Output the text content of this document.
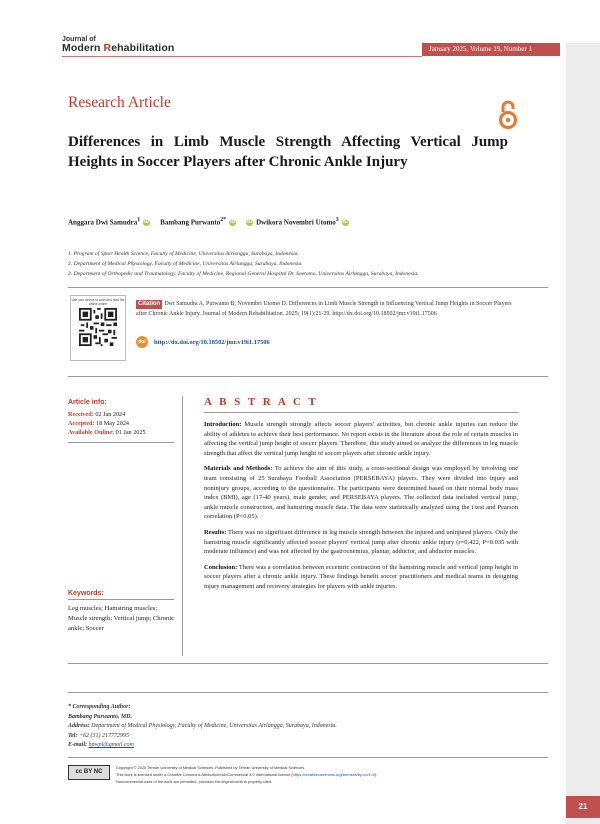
Journal of
Modern Rehabilitation	January 2025, Volume 19, Number 1
Research Article
Differences in Limb Muscle Strength Affecting Vertical Jump Heights in Soccer Players after Chronic Ankle Injury
Anggara Dwi Samudra$^1$ iD Bambang Purwanto$^{2*}$ iD iD Dwikora Novembri Utomo$^3$ iD
1. Program of Sport Health Science, Faculty of Medicine, Universitas Airlangga, Surabaya, Indonesia.
2. Department of Medical Physiology, Faculty of Medicine, Universitas Airlangga, Surabaya, Indonesia.
3. Department of Orthopedic and Traumatology, Faculty of Medicine, Regional General Hospital Dr. Soetomo, Universitas Airlangga, Surabaya, Indonesia.
Use your device to scan and read the article online	Citation Dwi Samudra A, Purwanto B, Novembri Utomo D. Differences in Limb Muscle Strength in Influencing Vertical Jump Heights in Soccer Players after Chronic Ankle Injury. Journal of Modern Rehabilitation. 2025; 19(1):21-29. http://dx.doi.org/10.18502/jmr.v19i1.17506
doi	http://dx.doi.org/10.18502/jmr.v19i1.17506
Article info:
Received: 02 Jan 2024
Accepted: 18 May 2024
Available Online: 01 Jan 2025
Keywords:
Leg muscles; Hamstring muscles; Muscle strength; Vertical jump; Chronic ankle; Soccer
A B S T R A C T

Introduction: Muscle strength strongly affects soccer players' activities, but chronic ankle injuries can reduce the ability of athletes to achieve their best performance. No report exists in the literature about the role of certain muscles in affecting the vertical jump height of soccer players. Therefore, this study aimed to analyze the differences in leg muscle strength that affect the vertical jump height of soccer players after chronic ankle injury.

Materials and Methods: To achieve the aim of this study, a cross-sectional design was employed by involving one team consisting of 25 Surabaya Football Association (PERSEBAYA) players. They were divided into injury and noninjury groups, according to the questionnaire. The participants were determined based on their normal body mass index (BMI), age (17-40 years), male gender, and PERSEBAYA players. The collected data included vertical jump, ankle muscle construction, and hamstring muscle data. The data were statistically analyzed using the t test and Pearson correlation (P<0.05).

Results: There was no significant difference in leg muscle strength between the injured and uninjured players. Only the hamstring muscle significantly affected soccer players' vertical jump after chronic ankle injury (r=0.422, P=0.035 with moderate influence) and was not affected by the gastrocnemius, plantar, adductor, and abductor muscles.

Conclusion: There was a correlation between eccentric contraction of the hamstring muscle and vertical jump height in soccer players after a chronic ankle injury. These findings benefit soccer practitioners and medical teams in designing injury management and recovery strategies for players with ankle injuries.

* Corresponding Author:
Bambang Purwanto, MD.
Address: Department of Medical Physiology, Faculty of Medicine, Universitas Airlangga, Surabaya, Indonesia.
Tel: +62 (31) 217772995
E-mail: bpwpl@gmail.com
cc BY NC
Copyright © 2025 Tehran University of Medical Sciences. Published by Tehran University of Medical Sciences
This work is licensed under a Creative Commons Attribution-NonCommercial 4.0 International license (https://creativecommons.org/licenses/by-nc/4.0/).
Noncommercial uses of the work are permitted, provided the original work is properly cited.
21
